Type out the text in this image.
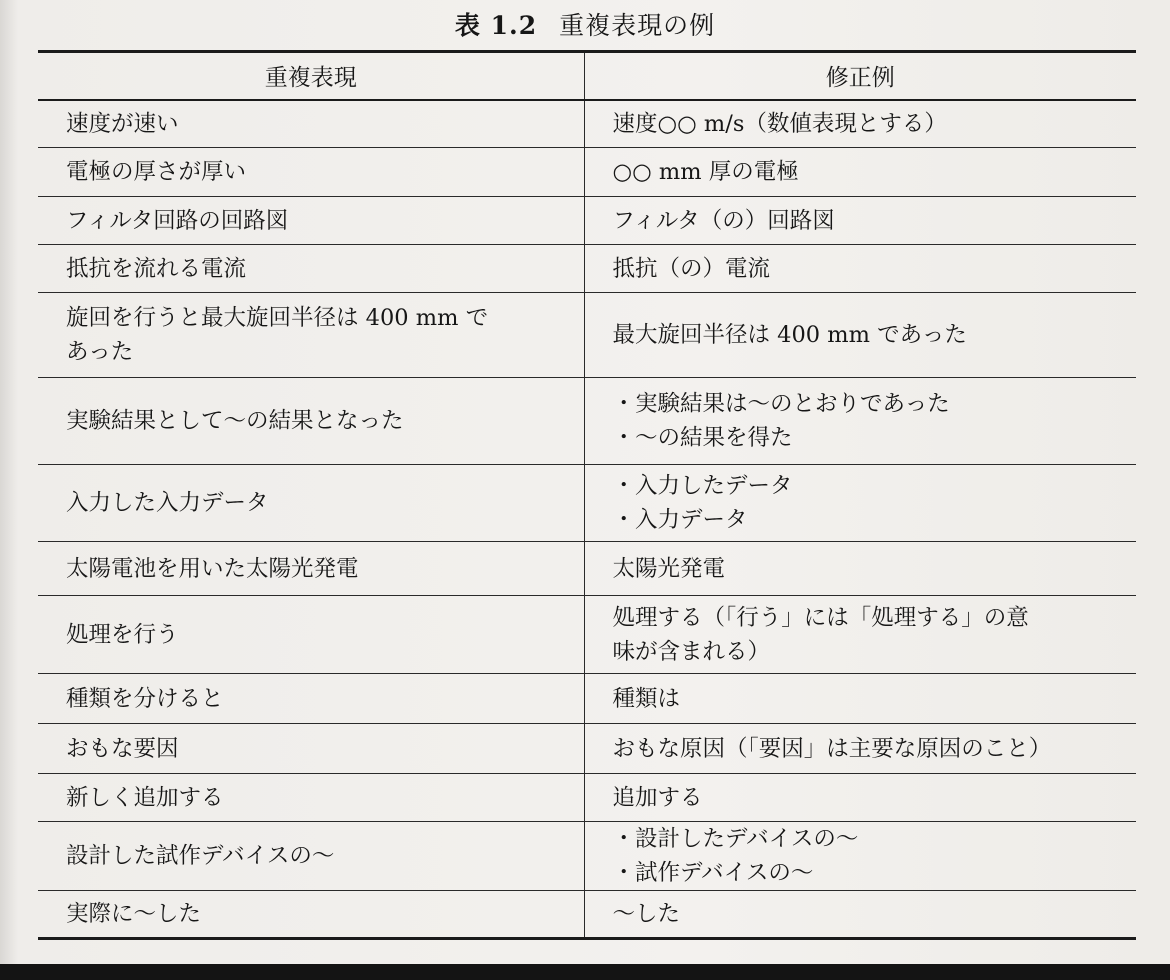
表 1.2 重複表現の例
重複表現	修正例

速度が速い	速度○○ m/s（数値表現とする）

電極の厚さが厚い	○○ mm 厚の電極

フィルタ回路の回路図	フィルタ（の）回路図

抵抗を流れる電流	抵抗（の）電流

旋回を行うと最大旋回半径は 400 mm で
あった	最大旋回半径は 400 mm であった

実験結果として～の結果となった	・実験結果は～のとおりであった
・～の結果を得た

入力した入力データ	・入力したデータ
・入力データ

太陽電池を用いた太陽光発電	太陽光発電

処理を行う	処理する（「行う」には「処理する」の意
味が含まれる）

種類を分けると	種類は

おもな要因	おもな原因（「要因」は主要な原因のこと）

新しく追加する	追加する

設計した試作デバイスの～	・設計したデバイスの～
・試作デバイスの～

実際に～した	～した
